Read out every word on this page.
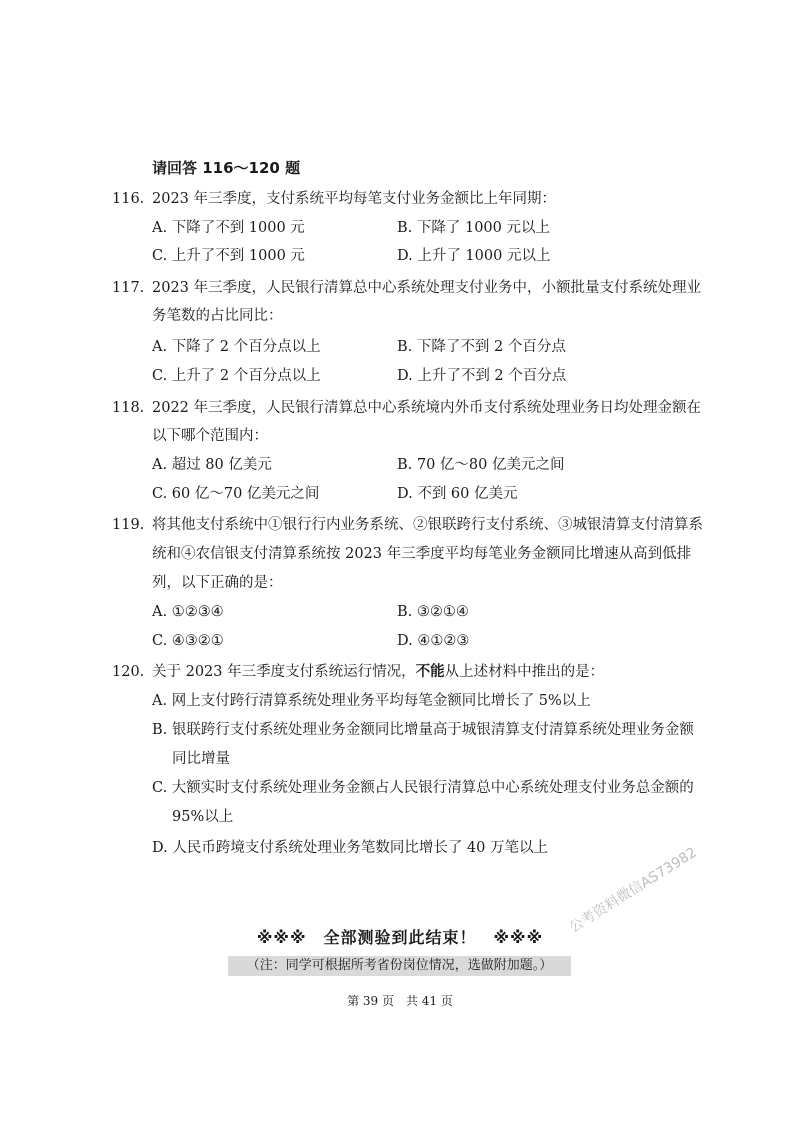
请回答 116～120 题
116. 2023 年三季度，支付系统平均每笔支付业务金额比上年同期：
A. 下降了不到 1000 元	B. 下降了 1000 元以上
C. 上升了不到 1000 元	D. 上升了 1000 元以上
117. 2023 年三季度，人民银行清算总中心系统处理支付业务中，小额批量支付系统处理业
务笔数的占比同比：
A. 下降了 2 个百分点以上	B. 下降了不到 2 个百分点
C. 上升了 2 个百分点以上	D. 上升了不到 2 个百分点
118. 2022 年三季度，人民银行清算总中心系统境内外币支付系统处理业务日均处理金额在
以下哪个范围内：
A. 超过 80 亿美元	B. 70 亿～80 亿美元之间
C. 60 亿～70 亿美元之间	D. 不到 60 亿美元
119. 将其他支付系统中①银行行内业务系统、②银联跨行支付系统、③城银清算支付清算系
统和④农信银支付清算系统按 2023 年三季度平均每笔业务金额同比增速从高到低排
列，以下正确的是：
A. ①②③④	B. ③②①④
C. ④③②①	D. ④①②③
120. 关于 2023 年三季度支付系统运行情况，不能从上述材料中推出的是：
A. 网上支付跨行清算系统处理业务平均每笔金额同比增长了 5%以上
B. 银联跨行支付系统处理业务金额同比增量高于城银清算支付清算系统处理业务金额
同比增量
C. 大额实时支付系统处理业务金额占人民银行清算总中心系统处理支付业务总金额的
95%以上
D. 人民币跨境支付系统处理业务笔数同比增长了 40 万笔以上
※※※　全部测验到此结束！　※※※
（注：同学可根据所考省份岗位情况，选做附加题。）
第 39 页　共 41 页
公考资料微信AS73982
